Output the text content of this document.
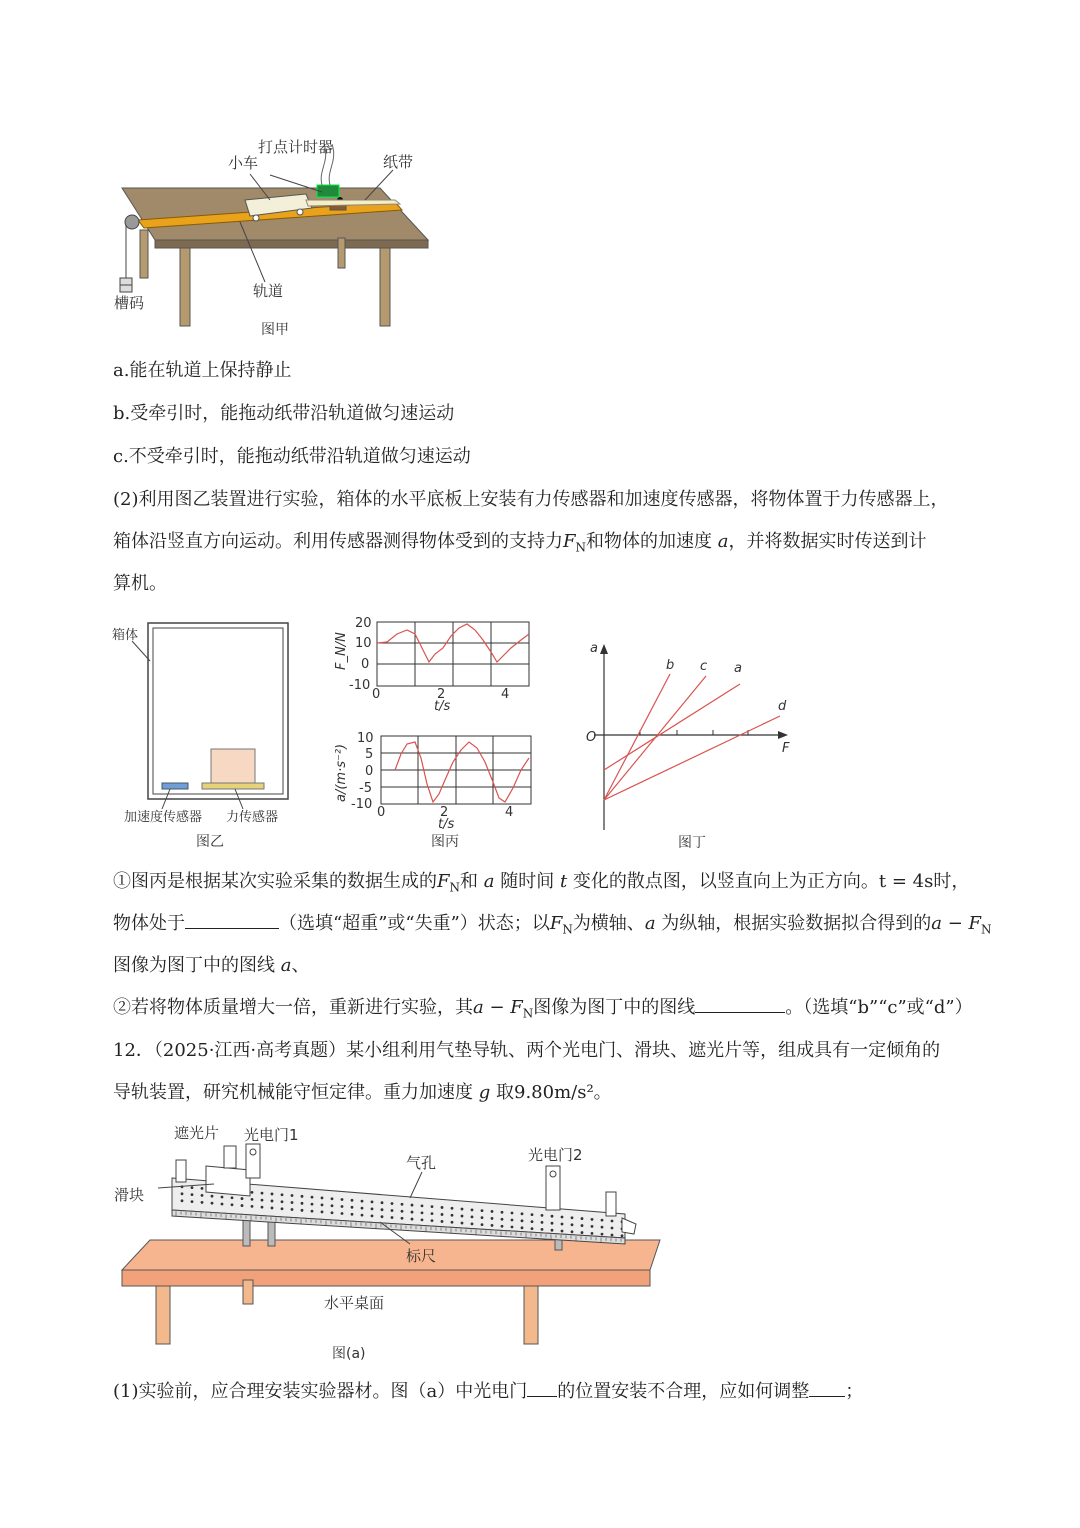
打点计时器
小车	纸带
槽码
轨道
图甲
a.能在轨道上保持静止
b.受牵引时，能拖动纸带沿轨道做匀速运动
c.不受牵引时，能拖动纸带沿轨道做匀速运动
(2)利用图乙装置进行实验，箱体的水平底板上安装有力传感器和加速度传感器，将物体置于力传感器上，
箱体沿竖直方向运动。利用传感器测得物体受到的支持力$F_N$和物体的加速度 a，并将数据实时传送到计
算机。
箱体
加速度传感器 力传感器
图乙
20
10
0
-10
0	2	4
t/s
F_N/N
10
5
0
-5
-10
0	2	4
t/s
a/(m·s⁻²)
图丙
a
F
O
b c a
d
图丁
①图丙是根据某次实验采集的数据生成的$F_N$和 a 随时间 t 变化的散点图，以竖直向上为正方向。t = 4s时，
物体处于	（选填“超重”或“失重”）状态；以$F_N$为横轴、a 为纵轴，根据实验数据拟合得到的$a - F_N$
图像为图丁中的图线 a、
②若将物体质量增大一倍，重新进行实验，其$a - F_N$图像为图丁中的图线	。（选填“b”“c”或“d”）
12．（2025·江西·高考真题）某小组利用气垫导轨、两个光电门、滑块、遮光片等，组成具有一定倾角的
导轨装置，研究机械能守恒定律。重力加速度 g 取9.80m/s²。
遮光片 光电门1
气孔	光电门2
滑块
标尺
水平桌面
图(a)
(1)实验前，应合理安装实验器材。图（a）中光电门 的位置安装不合理，应如何调整 ；
